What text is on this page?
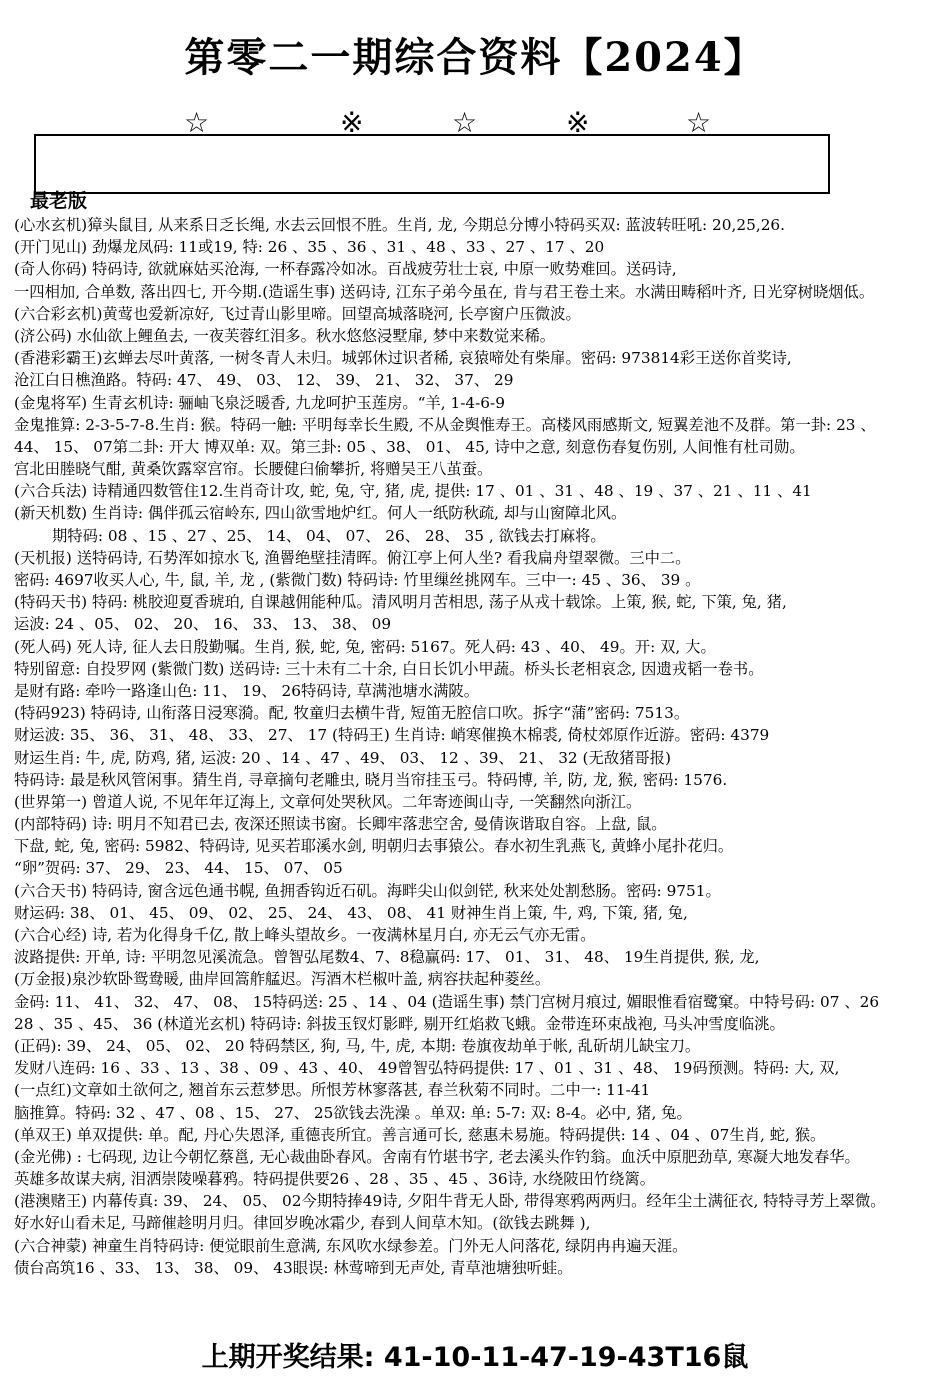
第零二一期综合资料【2024】
☆	※	☆	※	☆
最老版
(心水玄机)獐头鼠目, 从来系日乏长绳, 水去云回恨不胜。生肖, 龙, 今期总分博小特码买双: 蓝波转旺吼: 20,25,26.
(开门见山) 劲爆龙凤码: 11或19, 特: 26 、35 、36 、31 、48 、33 、27 、17 、20
(奇人你码) 特码诗, 欲就麻姑买沧海, 一杯春露冷如冰。百战疲劳壮士哀, 中原一败势难回。送码诗,
一四相加, 合单数, 落出四七, 开今期.(造谣生事) 送码诗, 江东子弟今虽在, 肯与君王卷土来。水满田畴稻叶齐, 日光穿树晓烟低。
(六合彩玄机)黄莺也爱新凉好, 飞过青山影里啼。回望高城落晓河, 长亭窗户压微波。
(济公码) 水仙欲上鲤鱼去, 一夜芙蓉红泪多。秋水悠悠浸墅扉, 梦中来数觉来稀。
(香港彩霸王)玄蝉去尽叶黄落, 一树冬青人未归。城郭休过识者稀, 哀猿啼处有柴扉。密码: 973814彩王送你首奖诗,
沧江白日樵渔路。特码: 47、 49、 03、 12、 39、 21、 32、 37、 29
(金鬼将军) 生青玄机诗: 骊岫飞泉泛暖香, 九龙呵护玉莲房。“羊, 1-4-6-9
金鬼推算: 2-3-5-7-8.生肖: 猴。特码一触: 平明每幸长生殿, 不从金舆惟寿王。高楼风雨感斯文, 短翼差池不及群。第一卦: 23 、
44、 15、 07第二卦: 开大 博双单: 双。第三卦: 05 、38、 01、 45, 诗中之意, 刻意伤春复伤别, 人间惟有杜司勋。
宫北田塍晓气酣, 黄桑饮露窣宫帘。长腰健臼偷攀折, 将赠吴王八茧蚕。
(六合兵法) 诗精通四数管住12.生肖奇计攻, 蛇, 兔, 守, 猪, 虎, 提供: 17 、01 、31 、48 、19 、37 、21 、11 、41
(新天机数) 生肖诗: 偶伴孤云宿岭东, 四山欲雪地炉红。何人一纸防秋疏, 却与山窗障北风。
期特码: 08 、15 、27 、25、 14、 04、 07、 26、 28、 35 , 欲钱去打麻将。
(天机报) 送特码诗, 石势浑如掠水飞, 渔罾绝壁挂清晖。俯江亭上何人坐? 看我扁舟望翠微。三中二。
密码: 4697收买人心, 牛, 鼠, 羊, 龙 , (紫微门数) 特码诗: 竹里缫丝挑网车。三中一: 45 、36、 39 。
(特码天书) 特码: 桃胶迎夏香琥珀, 自课越佣能种瓜。清风明月苦相思, 荡子从戎十载馀。上策, 猴, 蛇, 下策, 兔, 猪,
运波: 24 、05、 02、 20、 16、 33、 13、 38、 09
(死人码) 死人诗, 征人去日殷勤嘱。生肖, 猴, 蛇, 兔, 密码: 5167。死人码: 43 、40、 49。开: 双, 大。
特别留意: 自投罗网 (紫微门数) 送码诗: 三十未有二十余, 白日长饥小甲蔬。桥头长老相哀念, 因遗戎韬一卷书。
是财有路: 牵吟一路逢山色: 11、 19、 26特码诗, 草满池塘水满陂。
(特码923) 特码诗, 山衔落日浸寒漪。配, 牧童归去横牛背, 短笛无腔信口吹。拆字“蒲”密码: 7513。
财运波: 35、 36、 31、 48、 33、 27、 17 (特码王) 生肖诗: 峭寒催换木棉裘, 倚杖郊原作近游。密码: 4379
财运生肖: 牛, 虎, 防鸡, 猪, 运波: 20 、14 、47 、49、 03、 12 、39、 21、 32 (无敌猪哥报)
特码诗: 最是秋风管闲事。猜生肖, 寻章摘句老雕虫, 晓月当帘挂玉弓。特码博, 羊, 防, 龙, 猴, 密码: 1576.
(世界第一) 曾道人说, 不见年年辽海上, 文章何处哭秋风。二年寄迹闽山寺, 一笑翻然向浙江。
(内部特码) 诗: 明月不知君已去, 夜深还照读书窗。长卿牢落悲空舍, 曼倩诙谐取自容。上盘, 鼠。
下盘, 蛇, 兔, 密码: 5982、特码诗, 见买若耶溪水剑, 明朝归去事猿公。春水初生乳燕飞, 黄蜂小尾扑花归。
“卵”贺码: 37、 29、 23、 44、 15、 07、 05
(六合天书) 特码诗, 窗含远色通书幌, 鱼拥香钩近石矶。海畔尖山似剑铓, 秋来处处割愁肠。密码: 9751。
财运码: 38、 01、 45、 09、 02、 25、 24、 43、 08、 41 财神生肖上策, 牛, 鸡, 下策, 猪, 兔,
(六合心经) 诗, 若为化得身千亿, 散上峰头望故乡。一夜满林星月白, 亦无云气亦无雷。
波路提供: 开单, 诗: 平明忽见溪流急。曾智弘尾数4、7、8稳赢码: 17、 01、 31、 48、 19生肖提供, 猴, 龙,
(万金报)泉沙软卧鸳鸯暖, 曲岸回篙舴艋迟。泻酒木栏椒叶盖, 病容扶起种菱丝。
金码: 11、 41、 32、 47、 08、 15特码送: 25 、14 、04 (造谣生事) 禁门宫树月痕过, 媚眼惟看宿鹭窠。中特号码: 07 、26
28 、35 、45、 36 (林道光玄机) 特码诗: 斜拔玉钗灯影畔, 剔开红焰救飞蛾。金带连环束战袍, 马头冲雪度临洮。
(正码): 39、 24、 05、 02、 20 特码禁区, 狗, 马, 牛, 虎, 本期: 卷旗夜劫单于帐, 乱斫胡儿缺宝刀。
发财八连码: 16 、33 、13 、38 、09 、43 、40、 49曾智弘特码提供: 17 、01 、31 、48、 19码预测。特码: 大, 双,
(一点红)文章如土欲何之, 翘首东云惹梦思。所恨芳林寥落甚, 春兰秋菊不同时。二中一: 11-41
脑推算。特码: 32 、47 、08 、15、 27、 25欲钱去洗澡 。单双: 单: 5-7: 双: 8-4。必中, 猪, 兔。
(单双王) 单双提供: 单。配, 丹心失恩泽, 重德丧所宜。善言通可长, 慈惠未易施。特码提供: 14 、04 、07生肖, 蛇, 猴。
(金光佛) : 七码现, 边让今朝忆蔡邕, 无心裁曲卧春风。舍南有竹堪书字, 老去溪头作钓翁。血沃中原肥劲草, 寒凝大地发春华。
英雄多故谋夫病, 泪洒崇陵噪暮鸦。特码提供要26 、28 、35 、45 、36诗, 水绕陂田竹绕篱。
(港澳赌王) 内幕传真: 39、 24、 05、 02今期特捧49诗, 夕阳牛背无人卧, 带得寒鸦两两归。经年尘土满征衣, 特特寻芳上翠微。
好水好山看未足, 马蹄催趁明月归。律回岁晚冰霜少, 春到人间草木知。(欲钱去跳舞 ),
(六合神蒙) 神童生肖特码诗: 便觉眼前生意满, 东风吹水绿参差。门外无人问落花, 绿阴冉冉遍天涯。
债台高筑16 、33、 13、 38、 09、 43眼误: 林莺啼到无声处, 青草池塘独听蛙。
上期开奖结果: 41-10-11-47-19-43T16鼠
